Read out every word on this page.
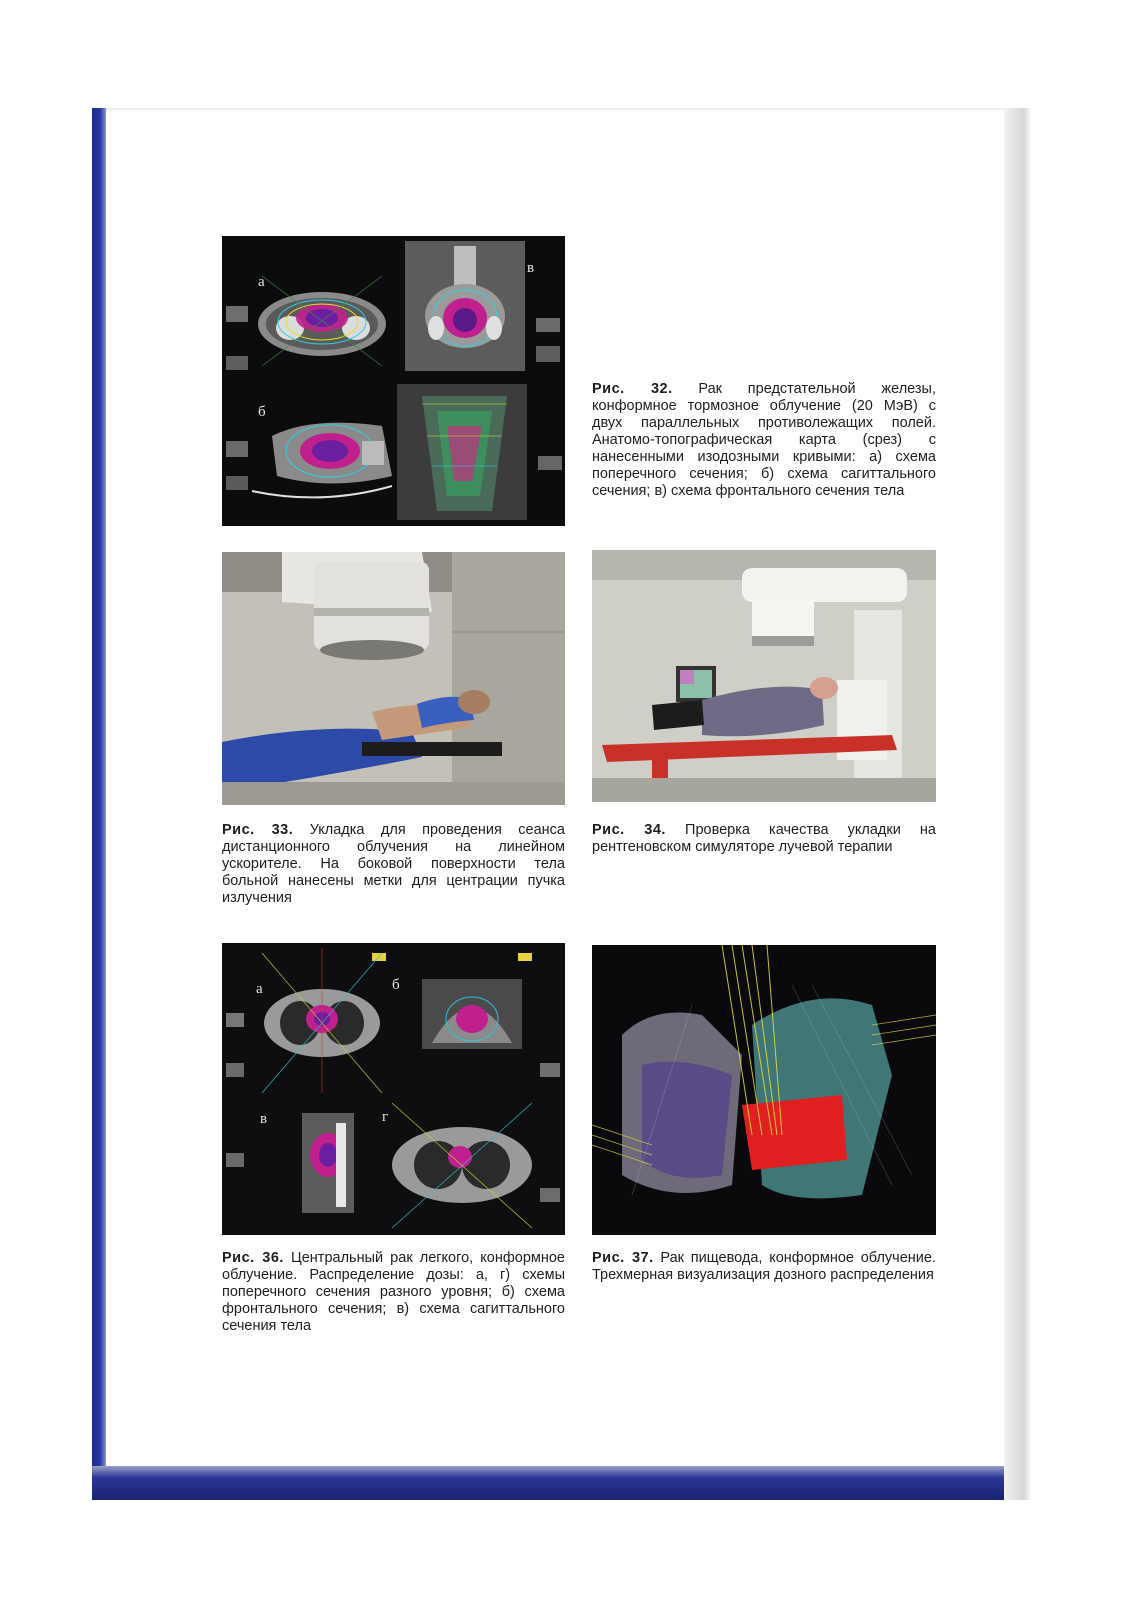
а
в
б

Рис. 32. Рак предстательной железы, конформное тормозное облучение (20 МэВ) с двух параллельных противолежащих полей. Анатомо-топографическая карта (срез) с нанесенными изодозными кривыми: а) схема поперечного сечения; б) схема сагиттального сечения; в) схема фронтального сечения тела

Рис. 33. Укладка для проведения сеанса дистанционного облучения на линейном ускорителе. На боковой поверхности тела больной нанесены метки для центрации пучка излучения

Рис. 34. Проверка качества укладки на рентгеновском симуляторе лучевой терапии

а	б
в	г

Рис. 36. Центральный рак легкого, конформное облучение. Распределение дозы: а, г) схемы поперечного сечения разного уровня; б) схема фронтального сечения; в) схема сагиттального сечения тела

Рис. 37. Рак пищевода, конформное облучение. Трехмерная визуализация дозного распределения
